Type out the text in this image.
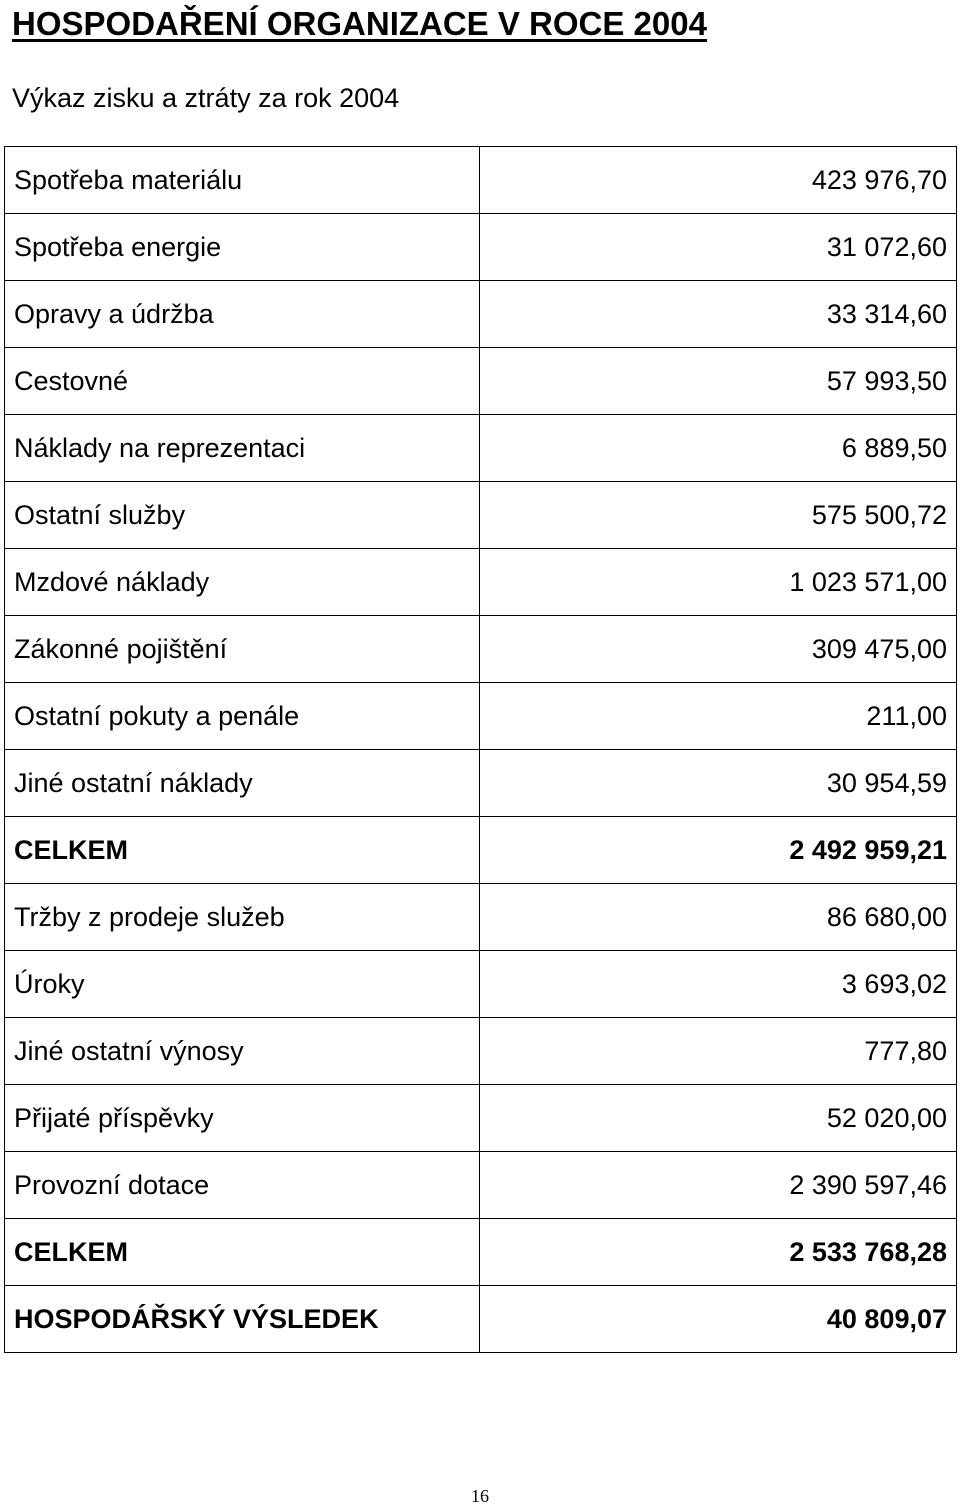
HOSPODAŘENÍ ORGANIZACE V ROCE 2004
Výkaz zisku a ztráty za rok 2004
Spotřeba materiálu	423 976,70
Spotřeba energie	31 072,60
Opravy a údržba	33 314,60
Cestovné	57 993,50
Náklady na reprezentaci	6 889,50
Ostatní služby	575 500,72
Mzdové náklady	1 023 571,00
Zákonné pojištění	309 475,00
Ostatní pokuty a penále	211,00
Jiné ostatní náklady	30 954,59
CELKEM	2 492 959,21
Tržby z prodeje služeb	86 680,00
Úroky	3 693,02
Jiné ostatní výnosy	777,80
Přijaté příspěvky	52 020,00
Provozní dotace	2 390 597,46
CELKEM	2 533 768,28
HOSPODÁŘSKÝ VÝSLEDEK	40 809,07
16
